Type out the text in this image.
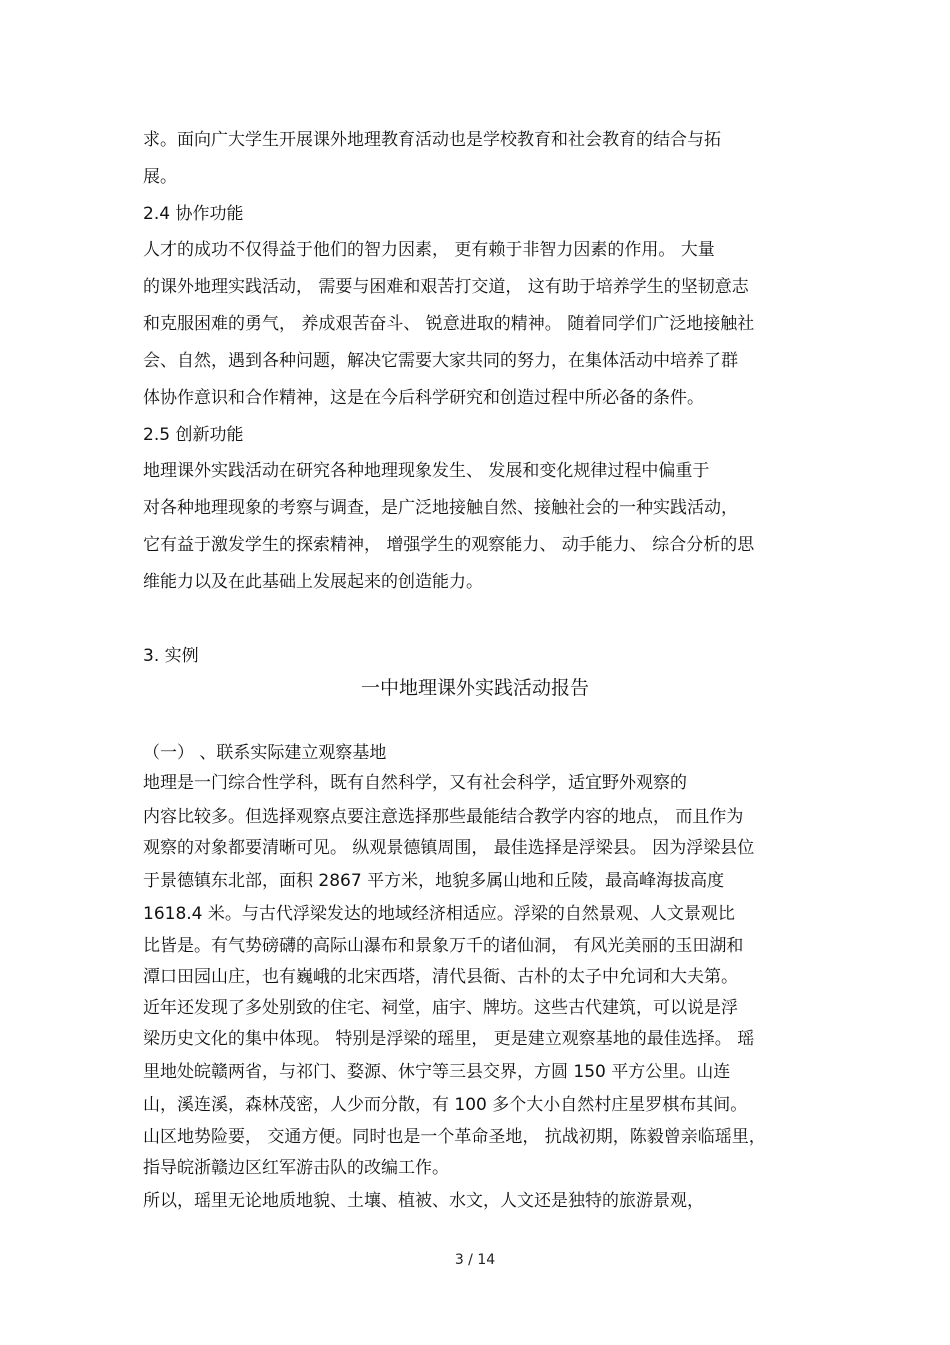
求。面向广大学生开展课外地理教育活动也是学校教育和社会教育的结合与拓
展。
2.4 协作功能
人才的成功不仅得益于他们的智力因素， 更有赖于非智力因素的作用。 大量
的课外地理实践活动， 需要与困难和艰苦打交道， 这有助于培养学生的坚韧意志
和克服困难的勇气， 养成艰苦奋斗、 锐意进取的精神。 随着同学们广泛地接触社
会、自然，遇到各种问题，解决它需要大家共同的努力，在集体活动中培养了群
体协作意识和合作精神，这是在今后科学研究和创造过程中所必备的条件。
2.5 创新功能
地理课外实践活动在研究各种地理现象发生、 发展和变化规律过程中偏重于
对各种地理现象的考察与调查，是广泛地接触自然、接触社会的一种实践活动，
它有益于激发学生的探索精神， 增强学生的观察能力、 动手能力、 综合分析的思
维能力以及在此基础上发展起来的创造能力。
3. 实例
一中地理课外实践活动报告
（一） 、联系实际建立观察基地
地理是一门综合性学科，既有自然科学，又有社会科学，适宜野外观察的
内容比较多。但选择观察点要注意选择那些最能结合教学内容的地点， 而且作为
观察的对象都要清晰可见。 纵观景德镇周围， 最佳选择是浮梁县。 因为浮梁县位
于景德镇东北部，面积 2867 平方米，地貌多属山地和丘陵，最高峰海拔高度
1618.4 米。与古代浮梁发达的地域经济相适应。浮梁的自然景观、人文景观比
比皆是。有气势磅礴的高际山瀑布和景象万千的诸仙洞， 有风光美丽的玉田湖和
潭口田园山庄，也有巍峨的北宋西塔，清代县衙、古朴的太子中允词和大夫第。
近年还发现了多处别致的住宅、祠堂，庙宇、牌坊。这些古代建筑，可以说是浮
梁历史文化的集中体现。 特别是浮梁的瑶里， 更是建立观察基地的最佳选择。 瑶
里地处皖赣两省，与祁门、婺源、休宁等三县交界，方圆 150 平方公里。山连
山，溪连溪，森林茂密，人少而分散，有 100 多个大小自然村庄星罗棋布其间。
山区地势险要， 交通方便。同时也是一个革命圣地， 抗战初期，陈毅曾亲临瑶里，
指导皖浙赣边区红军游击队的改编工作。
所以，瑶里无论地质地貌、土壤、植被、水文，人文还是独特的旅游景观，
3 / 14
